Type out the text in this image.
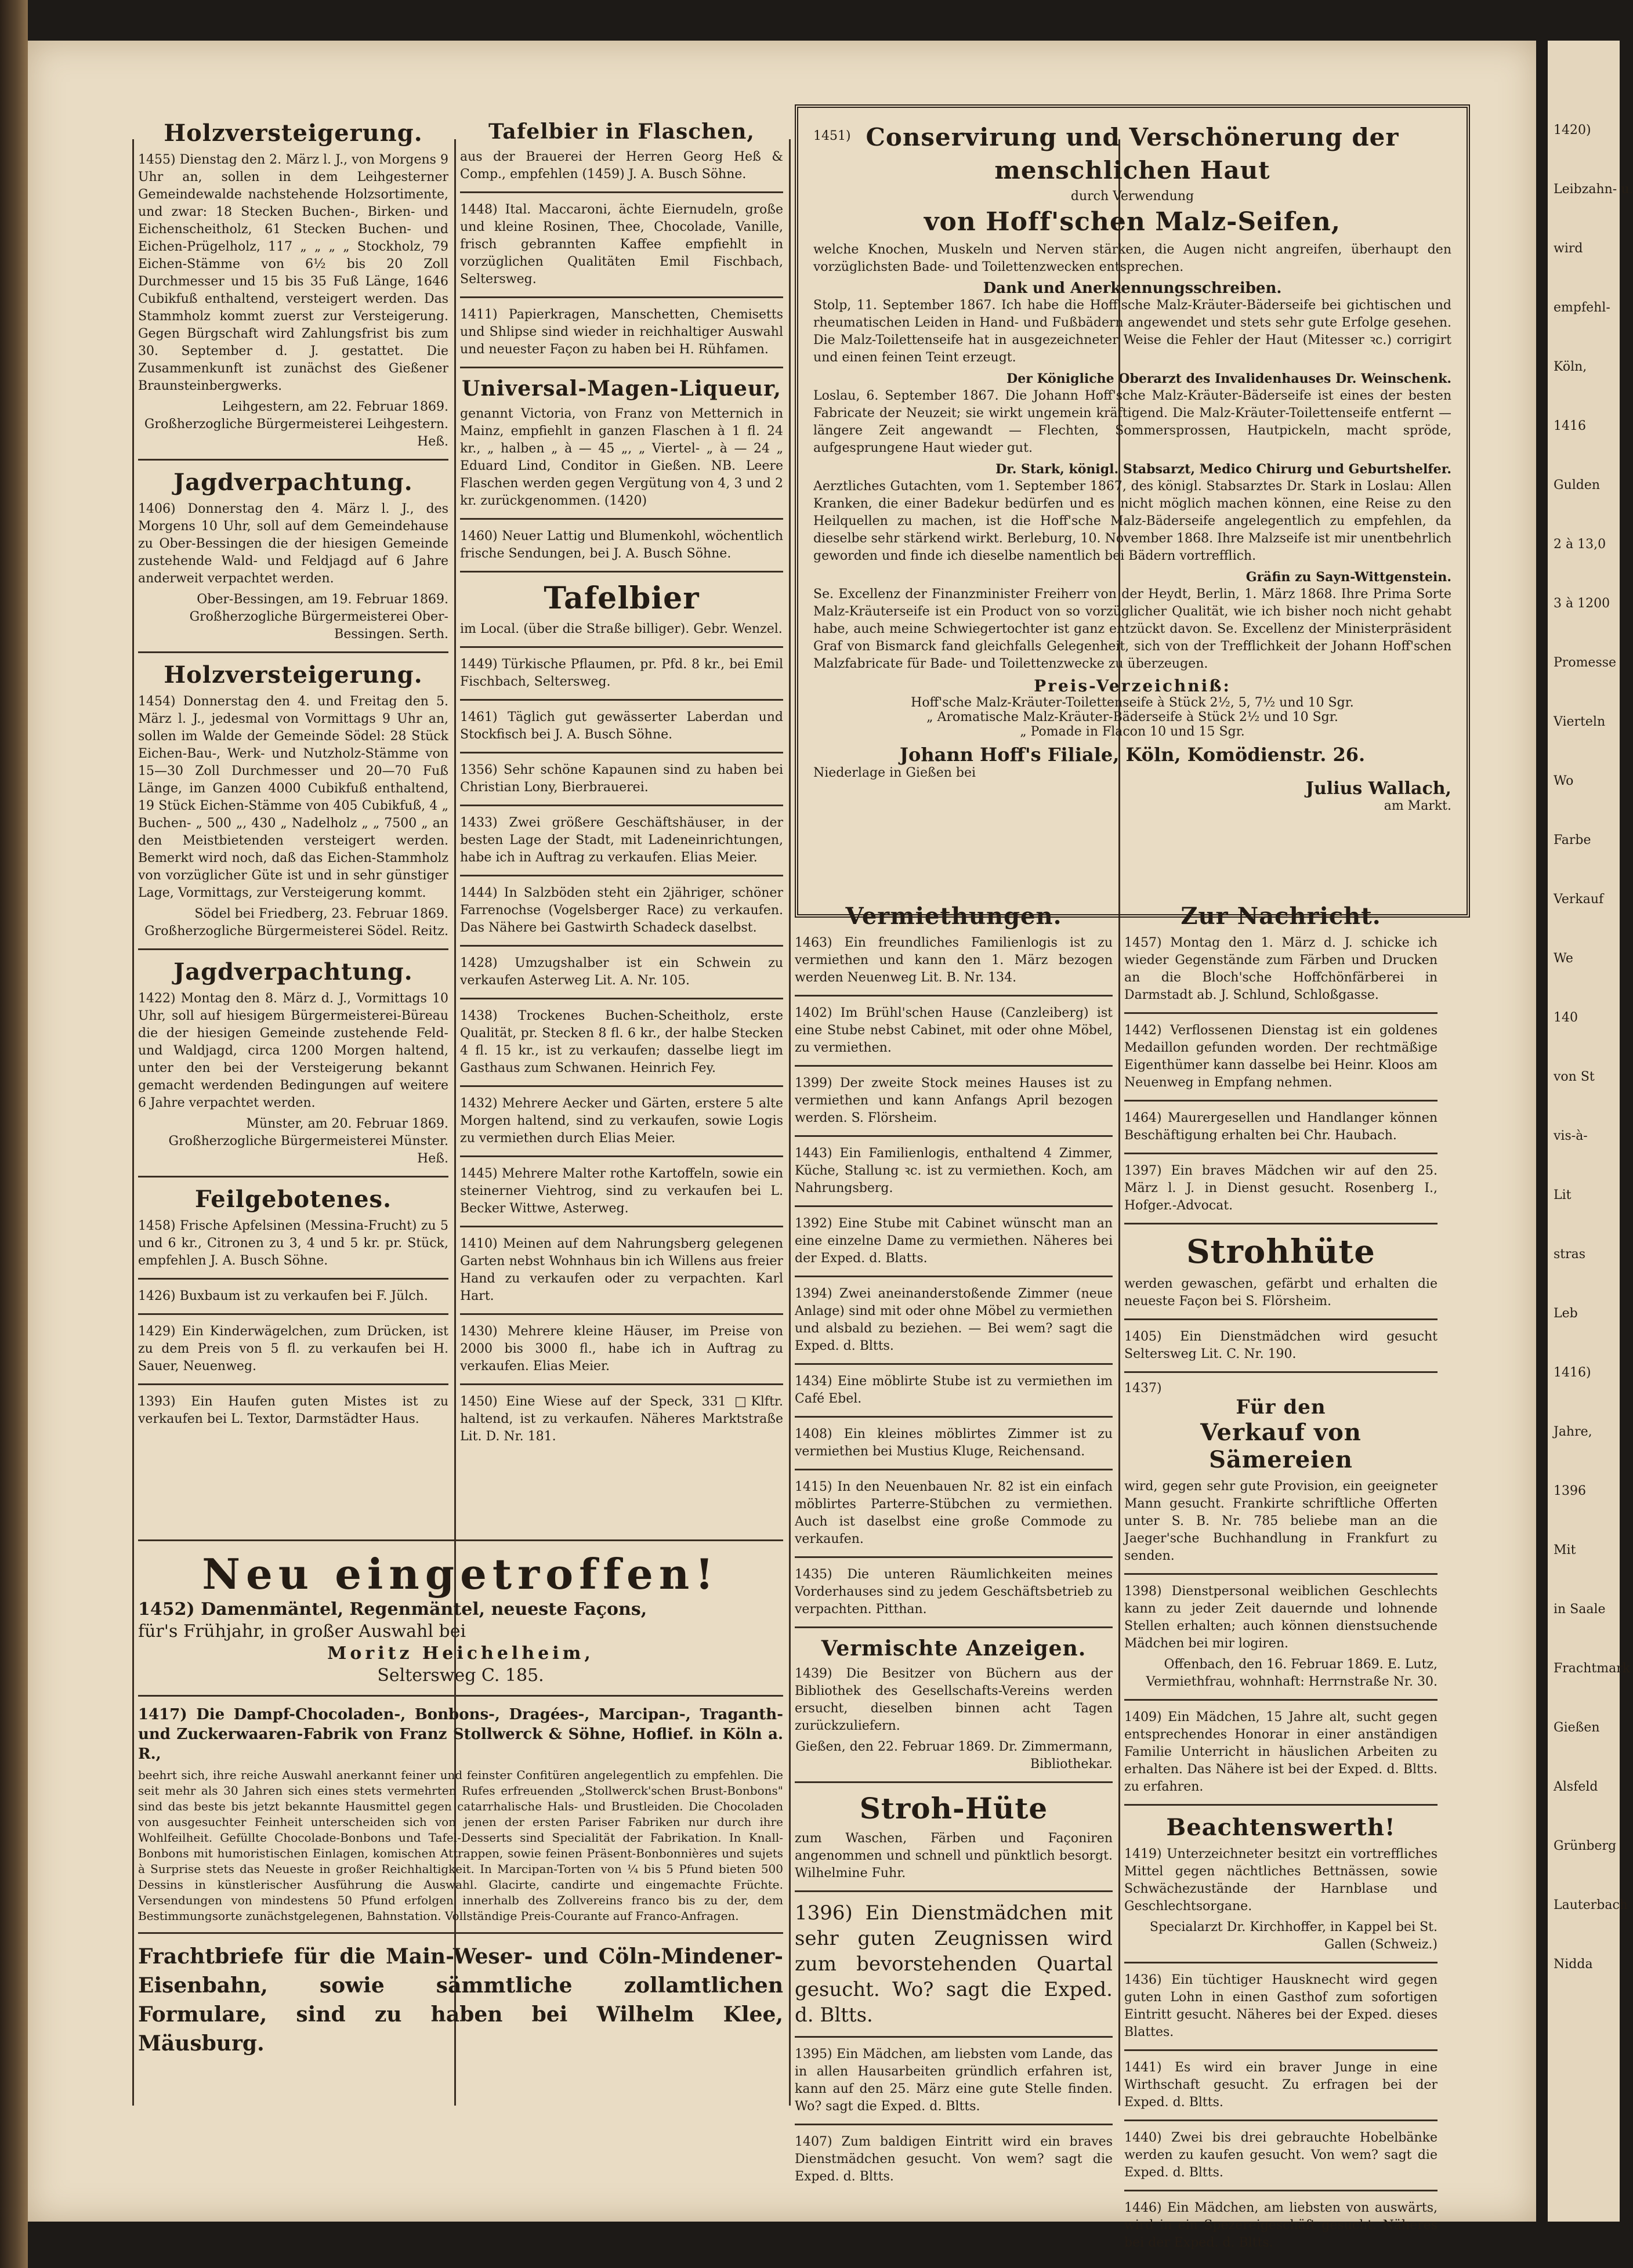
Holzversteigerung.
1455) Dienstag den 2. März l. J., von Morgens 9 Uhr an, sollen in dem Leihgesterner Gemeindewalde nachstehende Holzsortimente, und zwar: 18 Stecken Buchen-, Birken- und Eichenscheitholz, 61 Stecken Buchen- und Eichen-Prügelholz, 117 „ „ „ „ Stockholz, 79 Eichen-Stämme von 6½ bis 20 Zoll Durchmesser und 15 bis 35 Fuß Länge, 1646 Cubikfuß enthaltend, versteigert werden. Das Stammholz kommt zuerst zur Versteigerung. Gegen Bürgschaft wird Zahlungsfrist bis zum 30. September d. J. gestattet. Die Zusammenkunft ist zunächst des Gießener Braunsteinbergwerks.
Leihgestern, am 22. Februar 1869. Großherzogliche Bürgermeisterei Leihgestern. Heß.
Jagdverpachtung.
1406) Donnerstag den 4. März l. J., des Morgens 10 Uhr, soll auf dem Gemeindehause zu Ober-Bessingen die der hiesigen Gemeinde zustehende Wald- und Feldjagd auf 6 Jahre anderweit verpachtet werden.
Ober-Bessingen, am 19. Februar 1869. Großherzogliche Bürgermeisterei Ober-Bessingen. Serth.
Holzversteigerung.
1454) Donnerstag den 4. und Freitag den 5. März l. J., jedesmal von Vormittags 9 Uhr an, sollen im Walde der Gemeinde Södel: 28 Stück Eichen-Bau-, Werk- und Nutzholz-Stämme von 15—30 Zoll Durchmesser und 20—70 Fuß Länge, im Ganzen 4000 Cubikfuß enthaltend, 19 Stück Eichen-Stämme von 405 Cubikfuß, 4 „ Buchen- „ 500 „, 430 „ Nadelholz „ „ 7500 „ an den Meistbietenden versteigert werden. Bemerkt wird noch, daß das Eichen-Stammholz von vorzüglicher Güte ist und in sehr günstiger Lage, Vormittags, zur Versteigerung kommt.
Södel bei Friedberg, 23. Februar 1869. Großherzogliche Bürgermeisterei Södel. Reitz.
Jagdverpachtung.
1422) Montag den 8. März d. J., Vormittags 10 Uhr, soll auf hiesigem Bürgermeisterei-Büreau die der hiesigen Gemeinde zustehende Feld- und Waldjagd, circa 1200 Morgen haltend, unter den bei der Versteigerung bekannt gemacht werdenden Bedingungen auf weitere 6 Jahre verpachtet werden.
Münster, am 20. Februar 1869. Großherzogliche Bürgermeisterei Münster. Heß.
Feilgebotenes.
1458) Frische Apfelsinen (Messina-Frucht) zu 5 und 6 kr., Citronen zu 3, 4 und 5 kr. pr. Stück, empfehlen J. A. Busch Söhne.
1426) Buxbaum ist zu verkaufen bei F. Jülch.
1429) Ein Kinderwägelchen, zum Drücken, ist zu dem Preis von 5 fl. zu verkaufen bei H. Sauer, Neuenweg.
1393) Ein Haufen guten Mistes ist zu verkaufen bei L. Textor, Darmstädter Haus.
Tafelbier in Flaschen,
aus der Brauerei der Herren Georg Heß & Comp., empfehlen (1459) J. A. Busch Söhne.
1448) Ital. Maccaroni, ächte Eiernudeln, große und kleine Rosinen, Thee, Chocolade, Vanille, frisch gebrannten Kaffee empfiehlt in vorzüglichen Qualitäten Emil Fischbach, Seltersweg.
1411) Papierkragen, Manschetten, Chemisetts und Shlipse sind wieder in reichhaltiger Auswahl und neuester Façon zu haben bei H. Rühfamen.
Universal-Magen-Liqueur,
genannt Victoria, von Franz von Metternich in Mainz, empfiehlt in ganzen Flaschen à 1 fl. 24 kr., „ halben „ à — 45 „, „ Viertel- „ à — 24 „ Eduard Lind, Conditor in Gießen. NB. Leere Flaschen werden gegen Vergütung von 4, 3 und 2 kr. zurückgenommen. (1420)
1460) Neuer Lattig und Blumenkohl, wöchentlich frische Sendungen, bei J. A. Busch Söhne.
Tafelbier
im Local. (über die Straße billiger). Gebr. Wenzel.
1449) Türkische Pflaumen, pr. Pfd. 8 kr., bei Emil Fischbach, Seltersweg.
1461) Täglich gut gewässerter Laberdan und Stockfisch bei J. A. Busch Söhne.
1356) Sehr schöne Kapaunen sind zu haben bei Christian Lony, Bierbrauerei.
1433) Zwei größere Geschäftshäuser, in der besten Lage der Stadt, mit Ladeneinrichtungen, habe ich in Auftrag zu verkaufen. Elias Meier.
1444) In Salzböden steht ein 2jähriger, schöner Farrenochse (Vogelsberger Race) zu verkaufen. Das Nähere bei Gastwirth Schadeck daselbst.
1428) Umzugshalber ist ein Schwein zu verkaufen Asterweg Lit. A. Nr. 105.
1438) Trockenes Buchen-Scheitholz, erste Qualität, pr. Stecken 8 fl. 6 kr., der halbe Stecken 4 fl. 15 kr., ist zu verkaufen; dasselbe liegt im Gasthaus zum Schwanen. Heinrich Fey.
1432) Mehrere Aecker und Gärten, erstere 5 alte Morgen haltend, sind zu verkaufen, sowie Logis zu vermiethen durch Elias Meier.
1445) Mehrere Malter rothe Kartoffeln, sowie ein steinerner Viehtrog, sind zu verkaufen bei L. Becker Wittwe, Asterweg.
1410) Meinen auf dem Nahrungsberg gelegenen Garten nebst Wohnhaus bin ich Willens aus freier Hand zu verkaufen oder zu verpachten. Karl Hart.
1430) Mehrere kleine Häuser, im Preise von 2000 bis 3000 fl., habe ich in Auftrag zu verkaufen. Elias Meier.
1450) Eine Wiese auf der Speck, 331 □Klftr. haltend, ist zu verkaufen. Näheres Marktstraße Lit. D. Nr. 181.
1451) Conservirung und Verschönerung der
menschlichen Haut
durch Verwendung
von Hoff'schen Malz-Seifen,
welche Knochen, Muskeln und Nerven stärken, die Augen nicht angreifen, überhaupt den vorzüglichsten Bade- und Toilettenzwecken entsprechen.
Dank und Anerkennungsschreiben.
Stolp, 11. September 1867. Ich habe die Hoff'sche Malz-Kräuter-Bäderseife bei gichtischen und rheumatischen Leiden in Hand- und Fußbädern angewendet und stets sehr gute Erfolge gesehen. Die Malz-Toilettenseife hat in ausgezeichneter Weise die Fehler der Haut (Mitesser ꝛc.) corrigirt und einen feinen Teint erzeugt.
Der Königliche Oberarzt des Invalidenhauses Dr. Weinschenk.
Loslau, 6. September 1867. Die Johann Hoff'sche Malz-Kräuter-Bäderseife ist eines der besten Fabricate der Neuzeit; sie wirkt ungemein kräftigend. Die Malz-Kräuter-Toilettenseife entfernt — längere Zeit angewandt — Flechten, Sommersprossen, Hautpickeln, macht spröde, aufgesprungene Haut wieder gut.
Dr. Stark, königl. Stabsarzt, Medico Chirurg und Geburtshelfer.
Aerztliches Gutachten, vom 1. September 1867, des königl. Stabsarztes Dr. Stark in Loslau: Allen Kranken, die einer Badekur bedürfen und es nicht möglich machen können, eine Reise zu den Heilquellen zu machen, ist die Hoff'sche Malz-Bäderseife angelegentlich zu empfehlen, da dieselbe sehr stärkend wirkt. Berleburg, 10. November 1868. Ihre Malzseife ist mir unentbehrlich geworden und finde ich dieselbe namentlich bei Bädern vortrefflich.
Gräfin zu Sayn-Wittgenstein.
Se. Excellenz der Finanzminister Freiherr von der Heydt, Berlin, 1. März 1868. Ihre Prima Sorte Malz-Kräuterseife ist ein Product von so vorzüglicher Qualität, wie ich bisher noch nicht gehabt habe, auch meine Schwiegertochter ist ganz entzückt davon. Se. Excellenz der Ministerpräsident Graf von Bismarck fand gleichfalls Gelegenheit, sich von der Trefflichkeit der Johann Hoff'schen Malzfabricate für Bade- und Toilettenzwecke zu überzeugen.
Preis-Verzeichniß:
Hoff'sche Malz-Kräuter-Toilettenseife à Stück 2½, 5, 7½ und 10 Sgr.
„ Aromatische Malz-Kräuter-Bäderseife à Stück 2½ und 10 Sgr.
„ Pomade in Flacon 10 und 15 Sgr.
Johann Hoff's Filiale, Köln, Komödienstr. 26.
Niederlage in Gießen bei
Julius Wallach,
am Markt.
Vermiethungen.
1463) Ein freundliches Familienlogis ist zu vermiethen und kann den 1. März bezogen werden Neuenweg Lit. B. Nr. 134.
1402) Im Brühl'schen Hause (Canzleiberg) ist eine Stube nebst Cabinet, mit oder ohne Möbel, zu vermiethen.
1399) Der zweite Stock meines Hauses ist zu vermiethen und kann Anfangs April bezogen werden. S. Flörsheim.
1443) Ein Familienlogis, enthaltend 4 Zimmer, Küche, Stallung ꝛc. ist zu vermiethen. Koch, am Nahrungsberg.
1392) Eine Stube mit Cabinet wünscht man an eine einzelne Dame zu vermiethen. Näheres bei der Exped. d. Blatts.
1394) Zwei aneinanderstoßende Zimmer (neue Anlage) sind mit oder ohne Möbel zu vermiethen und alsbald zu beziehen. — Bei wem? sagt die Exped. d. Bltts.
1434) Eine möblirte Stube ist zu vermiethen im Café Ebel.
1408) Ein kleines möblirtes Zimmer ist zu vermiethen bei Mustius Kluge, Reichensand.
1415) In den Neuenbauen Nr. 82 ist ein einfach möblirtes Parterre-Stübchen zu vermiethen. Auch ist daselbst eine große Commode zu verkaufen.
1435) Die unteren Räumlichkeiten meines Vorderhauses sind zu jedem Geschäftsbetrieb zu verpachten. Pitthan.
Vermischte Anzeigen.
1439) Die Besitzer von Büchern aus der Bibliothek des Gesellschafts-Vereins werden ersucht, dieselben binnen acht Tagen zurückzuliefern.
Gießen, den 22. Februar 1869. Dr. Zimmermann, Bibliothekar.
Stroh-Hüte
zum Waschen, Färben und Façoniren angenommen und schnell und pünktlich besorgt. Wilhelmine Fuhr.
1396) Ein Dienstmädchen mit sehr guten Zeugnissen wird zum bevorstehenden Quartal gesucht. Wo? sagt die Exped. d. Bltts.
1395) Ein Mädchen, am liebsten vom Lande, das in allen Hausarbeiten gründlich erfahren ist, kann auf den 25. März eine gute Stelle finden. Wo? sagt die Exped. d. Bltts.
1407) Zum baldigen Eintritt wird ein braves Dienstmädchen gesucht. Von wem? sagt die Exped. d. Bltts.
Zur Nachricht.
1457) Montag den 1. März d. J. schicke ich wieder Gegenstände zum Färben und Drucken an die Bloch'sche Hoffchönfärberei in Darmstadt ab. J. Schlund, Schloßgasse.
1442) Verflossenen Dienstag ist ein goldenes Medaillon gefunden worden. Der rechtmäßige Eigenthümer kann dasselbe bei Heinr. Kloos am Neuenweg in Empfang nehmen.
1464) Maurergesellen und Handlanger können Beschäftigung erhalten bei Chr. Haubach.
1397) Ein braves Mädchen wir auf den 25. März l. J. in Dienst gesucht. Rosenberg I., Hofger.-Advocat.
Strohhüte
werden gewaschen, gefärbt und erhalten die neueste Façon bei S. Flörsheim.
1405) Ein Dienstmädchen wird gesucht Seltersweg Lit. C. Nr. 190.
1437)
Für den
Verkauf von Sämereien
wird, gegen sehr gute Provision, ein geeigneter Mann gesucht. Frankirte schriftliche Offerten unter S. B. Nr. 785 beliebe man an die Jaeger'sche Buchhandlung in Frankfurt zu senden.
1398) Dienstpersonal weiblichen Geschlechts kann zu jeder Zeit dauernde und lohnende Stellen erhalten; auch können dienstsuchende Mädchen bei mir logiren.
Offenbach, den 16. Februar 1869. E. Lutz, Vermiethfrau, wohnhaft: Herrnstraße Nr. 30.
1409) Ein Mädchen, 15 Jahre alt, sucht gegen entsprechendes Honorar in einer anständigen Familie Unterricht in häuslichen Arbeiten zu erhalten. Das Nähere ist bei der Exped. d. Bltts. zu erfahren.
Beachtenswerth!
1419) Unterzeichneter besitzt ein vortreffliches Mittel gegen nächtliches Bettnässen, sowie Schwächezustände der Harnblase und Geschlechtsorgane.
Specialarzt Dr. Kirchhoffer, in Kappel bei St. Gallen (Schweiz.)
1436) Ein tüchtiger Hausknecht wird gegen guten Lohn in einen Gasthof zum sofortigen Eintritt gesucht. Näheres bei der Exped. dieses Blattes.
1441) Es wird ein braver Junge in eine Wirthschaft gesucht. Zu erfragen bei der Exped. d. Bltts.
1440) Zwei bis drei gebrauchte Hobelbänke werden zu kaufen gesucht. Von wem? sagt die Exped. d. Bltts.
1446) Ein Mädchen, am liebsten von auswärts, wird in ein Spezereigeschäft gesucht. Näheres bei der Exped. d. Bltts.
Neu eingetroffen!
1452) Damenmäntel, Regenmäntel, neueste Façons,
für's Frühjahr, in großer Auswahl bei
Moritz Heichelheim,
Seltersweg C. 185.
1417) Die Dampf-Chocoladen-, Bonbons-, Dragées-, Marcipan-, Traganth- und Zuckerwaaren-Fabrik von Franz Stollwerck & Söhne, Hoflief. in Köln a. R.,
beehrt sich, ihre reiche Auswahl anerkannt feiner und feinster Confitüren angelegentlich zu empfehlen. Die seit mehr als 30 Jahren sich eines stets vermehrten Rufes erfreuenden „Stollwerck'schen Brust-Bonbons" sind das beste bis jetzt bekannte Hausmittel gegen catarrhalische Hals- und Brustleiden. Die Chocoladen von ausgesuchter Feinheit unterscheiden sich von jenen der ersten Pariser Fabriken nur durch ihre Wohlfeilheit. Gefüllte Chocolade-Bonbons und Tafel-Desserts sind Specialität der Fabrikation. In Knall-Bonbons mit humoristischen Einlagen, komischen Attrappen, sowie feinen Präsent-Bonbonnières und sujets à Surprise stets das Neueste in großer Reichhaltigkeit. In Marcipan-Torten von ¼ bis 5 Pfund bieten 500 Dessins in künstlerischer Ausführung die Auswahl. Glacirte, candirte und eingemachte Früchte. Versendungen von mindestens 50 Pfund erfolgen innerhalb des Zollvereins franco bis zu der, dem Bestimmungsorte zunächstgelegenen, Bahnstation. Vollständige Preis-Courante auf Franco-Anfragen.
Frachtbriefe für die Main-Weser- und Cöln-Mindener-Eisenbahn, sowie sämmtliche zollamtlichen Formulare, sind zu haben bei Wilhelm Klee, Mäusburg.
1420)
Leibzahn- u.
wird
empfehl-
Köln,
1416
Gulden
2 à 13,0
3 à 1200
Promesse
Vierteln
Wo
Farbe
Verkauf
We
140
von St
vis-à-
Lit
stras
Leb
1416)
Jahre,
1396
Mit
in Saale
Frachtmark
Gießen
Alsfeld
Grünberg
Lauterbach
Nidda
